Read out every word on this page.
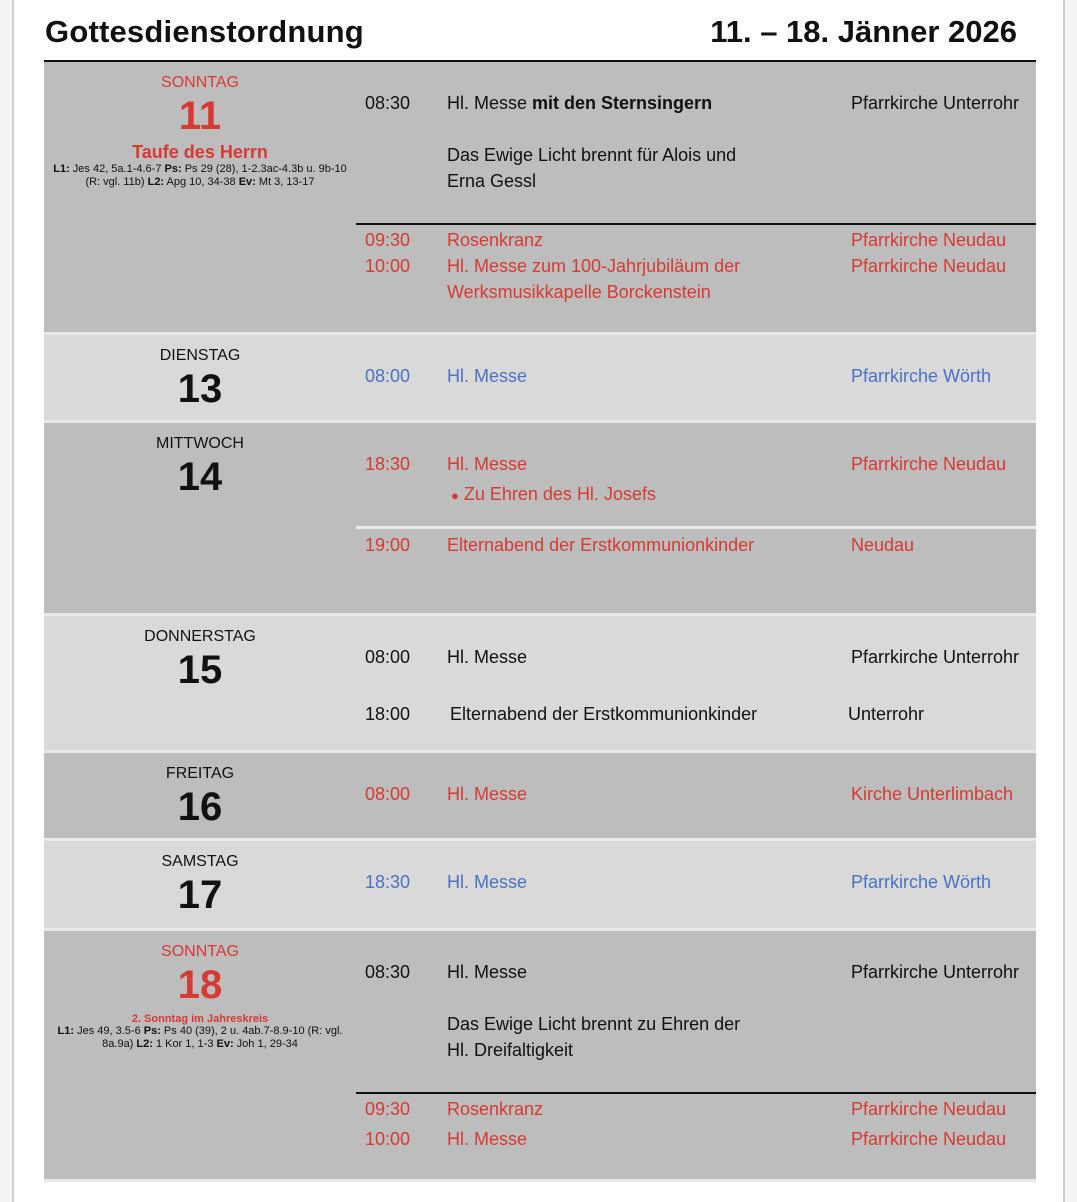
Gottesdienstordnung	11. – 18. Jänner 2026
SONNTAG
11
Taufe des Herrn
L1: Jes 42, 5a.1-4.6-7 Ps: Ps 29 (28), 1-2.3ac-4.3b u. 9b-10 (R: vgl. 11b) L2: Apg 10, 34-38 Ev: Mt 3, 13-17
08:30	Hl. Messe mit den Sternsingern	Pfarrkirche Unterrohr
Das Ewige Licht brennt für Alois und
Erna Gessl
09:30	Rosenkranz	Pfarrkirche Neudau
10:00	Hl. Messe zum 100-Jahrjubiläum der	Pfarrkirche Neudau
Werksmusikkapelle Borckenstein
DIENSTAG
13	08:00	Hl. Messe	Pfarrkirche Wörth
MITTWOCH
14	18:30	Hl. Messe	Pfarrkirche Neudau
● Zu Ehren des Hl. Josefs
19:00	Elternabend der Erstkommunionkinder	Neudau
DONNERSTAG
15	08:00	Hl. Messe	Pfarrkirche Unterrohr
18:00	Elternabend der Erstkommunionkinder	Unterrohr
FREITAG
16	08:00	Hl. Messe	Kirche Unterlimbach
SAMSTAG
17	18:30	Hl. Messe	Pfarrkirche Wörth
SONNTAG
18
2. Sonntag im Jahreskreis
L1: Jes 49, 3.5-6 Ps: Ps 40 (39), 2 u. 4ab.7-8.9-10 (R: vgl. 8a.9a) L2: 1 Kor 1, 1-3 Ev: Joh 1, 29-34
08:30	Hl. Messe	Pfarrkirche Unterrohr
Das Ewige Licht brennt zu Ehren der
Hl. Dreifaltigkeit
09:30	Rosenkranz	Pfarrkirche Neudau
10:00	Hl. Messe	Pfarrkirche Neudau
